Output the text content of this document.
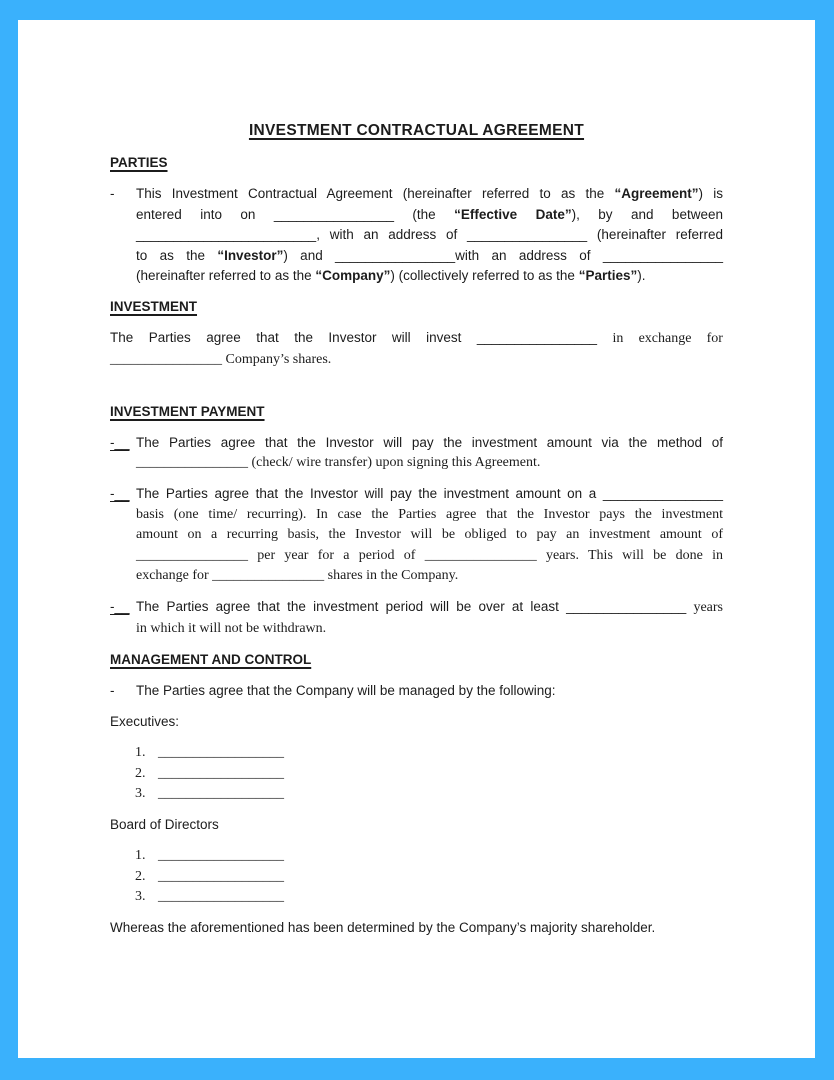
INVESTMENT CONTRACTUAL AGREEMENT
PARTIES
- This Investment Contractual Agreement (hereinafter referred to as the “Agreement”) is
entered into on ________________ (the “Effective Date”), by and between
________________________, with an address of ________________ (hereinafter referred
to as the “Investor”) and ________________with an address of ________________
(hereinafter referred to as the “Company”) (collectively referred to as the “Parties”).
INVESTMENT
The Parties agree that the Investor will invest ________________ in exchange for
________________ Company’s shares.
INVESTMENT PAYMENT
-__ The Parties agree that the Investor will pay the investment amount via the method of
________________ (check/ wire transfer) upon signing this Agreement.
-__ The Parties agree that the Investor will pay the investment amount on a ________________
basis (one time/ recurring). In case the Parties agree that the Investor pays the investment
amount on a recurring basis, the Investor will be obliged to pay an investment amount of
________________ per year for a period of ________________ years. This will be done in
exchange for ________________ shares in the Company.
-__ The Parties agree that the investment period will be over at least ________________ years
in which it will not be withdrawn.
MANAGEMENT AND CONTROL
- The Parties agree that the Company will be managed by the following:
Executives:
1. __________________
2. __________________
3. __________________
Board of Directors
1. __________________
2. __________________
3. __________________
Whereas the aforementioned has been determined by the Company’s majority shareholder.
